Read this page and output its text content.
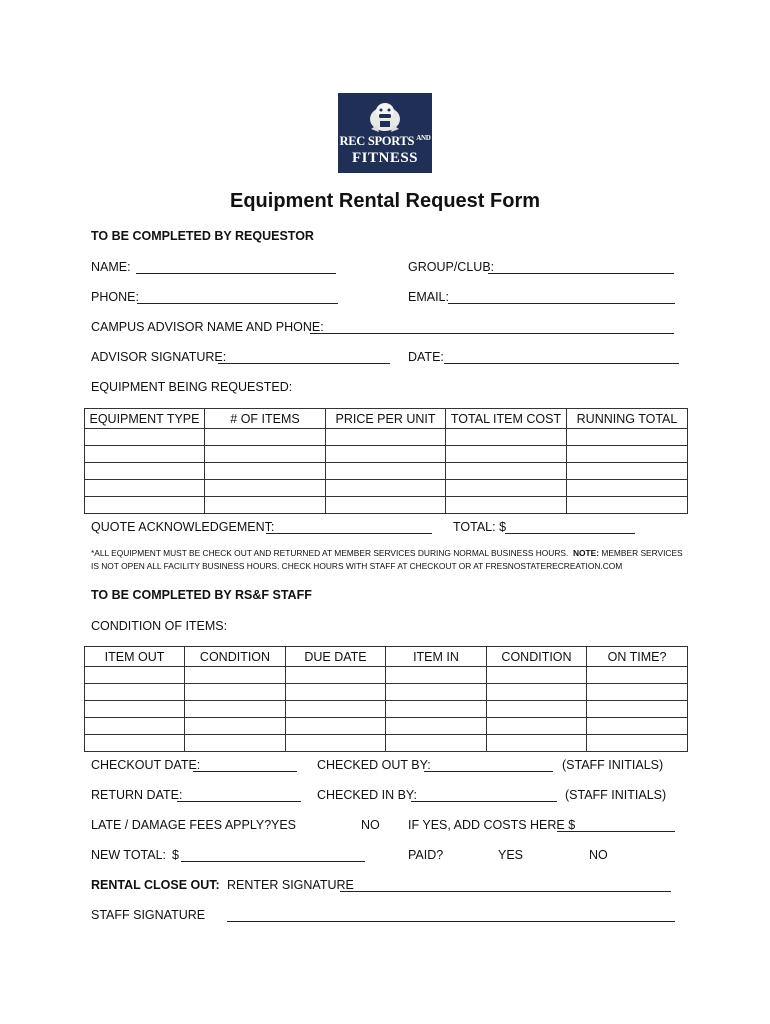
REC SPORTS $^{AND}$
FITNESS
Equipment Rental Request Form
TO BE COMPLETED BY REQUESTOR
NAME:	GROUP/CLUB:
PHONE:	EMAIL:
CAMPUS ADVISOR NAME AND PHONE:
ADVISOR SIGNATURE:	DATE:
EQUIPMENT BEING REQUESTED:
EQUIPMENT TYPE	# OF ITEMS	PRICE PER UNIT	TOTAL ITEM COST	RUNNING TOTAL

QUOTE ACKNOWLEDGEMENT:	TOTAL: $
*ALL EQUIPMENT MUST BE CHECK OUT AND RETURNED AT MEMBER SERVICES DURING NORMAL BUSINESS HOURS. NOTE: MEMBER SERVICES
IS NOT OPEN ALL FACILITY BUSINESS HOURS. CHECK HOURS WITH STAFF AT CHECKOUT OR AT FRESNOSTATERECREATION.COM
TO BE COMPLETED BY RS&F STAFF
CONDITION OF ITEMS:
ITEM OUT	CONDITION	DUE DATE	ITEM IN	CONDITION	ON TIME?

CHECKOUT DATE:	CHECKED OUT BY:	(STAFF INITIALS)
RETURN DATE:	CHECKED IN BY:	(STAFF INITIALS)
LATE / DAMAGE FEES APPLY? YES	NO IF YES, ADD COSTS HERE $
NEW TOTAL: $	PAID?	YES	NO
RENTAL CLOSE OUT: RENTER SIGNATURE
STAFF SIGNATURE
